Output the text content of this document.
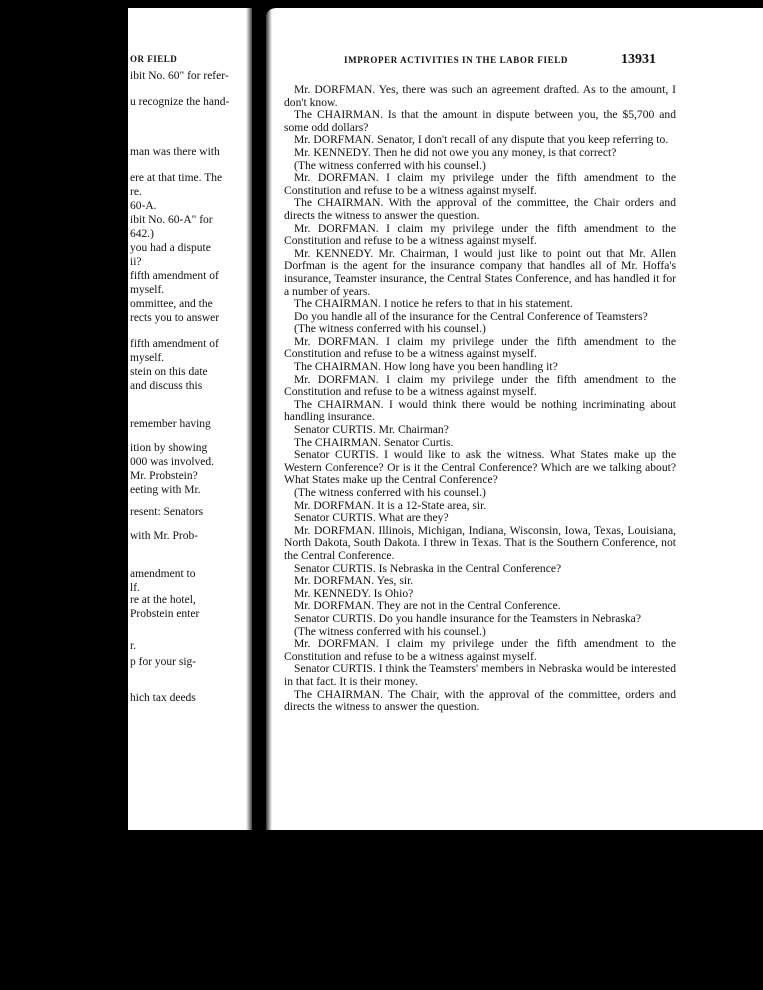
OR FIELD
ibit No. 60" for refer-
u recognize the hand-
man was there with
ere at that time. The
re.
60-A.
ibit No. 60-A" for
642.)
you had a dispute
ii?
fifth amendment of
myself.
ommittee, and the
rects you to answer
fifth amendment of
myself.
stein on this date
and discuss this
remember having
ition by showing
000 was involved.
Mr. Probstein?
eeting with Mr.
resent: Senators
with Mr. Prob-
amendment to
lf.
re at the hotel,
Probstein enter
r.
p for your sig-
hich tax deeds
IMPROPER ACTIVITIES IN THE LABOR FIELD	13931

Mr. DORFMAN. Yes, there was such an agreement drafted. As to the amount, I don't know.

The CHAIRMAN. Is that the amount in dispute between you, the $5,700 and some odd dollars?

Mr. DORFMAN. Senator, I don't recall of any dispute that you keep referring to.

Mr. KENNEDY. Then he did not owe you any money, is that correct?

(The witness conferred with his counsel.)

Mr. DORFMAN. I claim my privilege under the fifth amendment to the Constitution and refuse to be a witness against myself.

The CHAIRMAN. With the approval of the committee, the Chair orders and directs the witness to answer the question.

Mr. DORFMAN. I claim my privilege under the fifth amendment to the Constitution and refuse to be a witness against myself.

Mr. KENNEDY. Mr. Chairman, I would just like to point out that Mr. Allen Dorfman is the agent for the insurance company that handles all of Mr. Hoffa's insurance, Teamster insurance, the Central States Conference, and has handled it for a number of years.

The CHAIRMAN. I notice he refers to that in his statement.

Do you handle all of the insurance for the Central Conference of Teamsters?

(The witness conferred with his counsel.)

Mr. DORFMAN. I claim my privilege under the fifth amendment to the Constitution and refuse to be a witness against myself.

The CHAIRMAN. How long have you been handling it?

Mr. DORFMAN. I claim my privilege under the fifth amendment to the Constitution and refuse to be a witness against myself.

The CHAIRMAN. I would think there would be nothing incriminating about handling insurance.

Senator CURTIS. Mr. Chairman?

The CHAIRMAN. Senator Curtis.

Senator CURTIS. I would like to ask the witness. What States make up the Western Conference? Or is it the Central Conference? Which are we talking about? What States make up the Central Conference?

(The witness conferred with his counsel.)

Mr. DORFMAN. It is a 12-State area, sir.

Senator CURTIS. What are they?

Mr. DORFMAN. Illinois, Michigan, Indiana, Wisconsin, Iowa, Texas, Louisiana, North Dakota, South Dakota. I threw in Texas. That is the Southern Conference, not the Central Conference.

Senator CURTIS. Is Nebraska in the Central Conference?

Mr. DORFMAN. Yes, sir.

Mr. KENNEDY. Is Ohio?

Mr. DORFMAN. They are not in the Central Conference.

Senator CURTIS. Do you handle insurance for the Teamsters in Nebraska?

(The witness conferred with his counsel.)

Mr. DORFMAN. I claim my privilege under the fifth amendment to the Constitution and refuse to be a witness against myself.

Senator CURTIS. I think the Teamsters' members in Nebraska would be interested in that fact. It is their money.

The CHAIRMAN. The Chair, with the approval of the committee, orders and directs the witness to answer the question.
